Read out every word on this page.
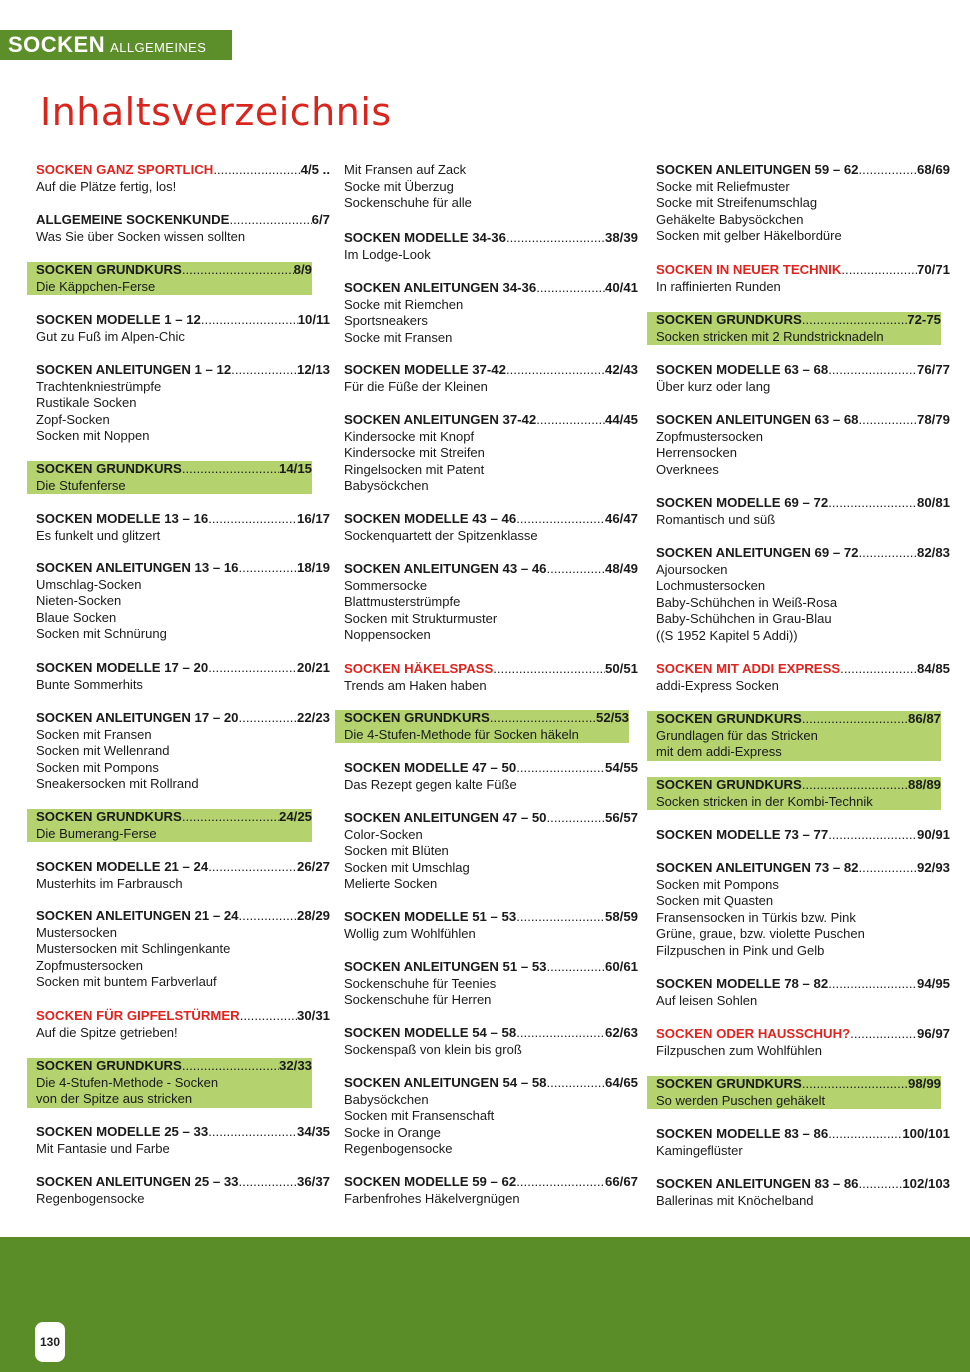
SOCKEN ALLGEMEINES
Inhaltsverzeichnis
SOCKEN GANZ SPORTLICH .....	4/5 ..
Auf die Plätze fertig, los!
ALLGEMEINE SOCKENKUNDE .....	6/7
Was Sie über Socken wissen sollten
SOCKEN GRUNDKURS .....	8/9
Die Käppchen-Ferse
SOCKEN MODELLE 1 – 12 .....	10/11
Gut zu Fuß im Alpen-Chic
SOCKEN ANLEITUNGEN 1 – 12 .....	12/13
Trachtenkniestrümpfe
Rustikale Socken
Zopf-Socken
Socken mit Noppen
SOCKEN GRUNDKURS .....	14/15
Die Stufenferse
SOCKEN MODELLE 13 – 16 .....	16/17
Es funkelt und glitzert
SOCKEN ANLEITUNGEN 13 – 16 .....	18/19
Umschlag-Socken
Nieten-Socken
Blaue Socken
Socken mit Schnürung
SOCKEN MODELLE 17 – 20 .....	20/21
Bunte Sommerhits
SOCKEN ANLEITUNGEN 17 – 20 .....	22/23
Socken mit Fransen
Socken mit Wellenrand
Socken mit Pompons
Sneakersocken mit Rollrand
SOCKEN GRUNDKURS .....	24/25
Die Bumerang-Ferse
SOCKEN MODELLE 21 – 24 .....	26/27
Musterhits im Farbrausch
SOCKEN ANLEITUNGEN 21 – 24 .....	28/29
Mustersocken
Mustersocken mit Schlingenkante
Zopfmustersocken
Socken mit buntem Farbverlauf
SOCKEN FÜR GIPFELSTÜRMER .....	30/31
Auf die Spitze getrieben!
SOCKEN GRUNDKURS .....	32/33
Die 4-Stufen-Methode - Socken
von der Spitze aus stricken
SOCKEN MODELLE 25 – 33 .....	34/35
Mit Fantasie und Farbe
SOCKEN ANLEITUNGEN 25 – 33 .....	36/37
Regenbogensocke
Mit Fransen auf Zack
Socke mit Überzug
Sockenschuhe für alle
SOCKEN MODELLE 34-36 .....	38/39
Im Lodge-Look
SOCKEN ANLEITUNGEN 34-36 .....	40/41
Socke mit Riemchen
Sportsneakers
Socke mit Fransen
SOCKEN MODELLE 37-42 .....	42/43
Für die Füße der Kleinen
SOCKEN ANLEITUNGEN 37-42 .....	44/45
Kindersocke mit Knopf
Kindersocke mit Streifen
Ringelsocken mit Patent
Babysöckchen
SOCKEN MODELLE 43 – 46 .....	46/47
Sockenquartett der Spitzenklasse
SOCKEN ANLEITUNGEN 43 – 46 .....	48/49
Sommersocke
Blattmusterstrümpfe
Socken mit Strukturmuster
Noppensocken
SOCKEN HÄKELSPASS .....	50/51
Trends am Haken haben
SOCKEN GRUNDKURS .....	52/53
Die 4-Stufen-Methode für Socken häkeln
SOCKEN MODELLE 47 – 50 .....	54/55
Das Rezept gegen kalte Füße
SOCKEN ANLEITUNGEN 47 – 50 .....	56/57
Color-Socken
Socken mit Blüten
Socken mit Umschlag
Melierte Socken
SOCKEN MODELLE 51 – 53 .....	58/59
Wollig zum Wohlfühlen
SOCKEN ANLEITUNGEN 51 – 53 .....	60/61
Sockenschuhe für Teenies
Sockenschuhe für Herren
SOCKEN MODELLE 54 – 58 .....	62/63
Sockenspaß von klein bis groß
SOCKEN ANLEITUNGEN 54 – 58 .....	64/65
Babysöckchen
Socken mit Fransenschaft
Socke in Orange
Regenbogensocke
SOCKEN MODELLE 59 – 62 .....	66/67
Farbenfrohes Häkelvergnügen
SOCKEN ANLEITUNGEN 59 – 62 .....	68/69
Socke mit Reliefmuster
Socke mit Streifenumschlag
Gehäkelte Babysöckchen
Socken mit gelber Häkelbordüre
SOCKEN IN NEUER TECHNIK .....	70/71
In raffinierten Runden
SOCKEN GRUNDKURS .....	72-75
Socken stricken mit 2 Rundstricknadeln
SOCKEN MODELLE 63 – 68 .....	76/77
Über kurz oder lang
SOCKEN ANLEITUNGEN 63 – 68 .....	78/79
Zopfmustersocken
Herrensocken
Overknees
SOCKEN MODELLE 69 – 72 .....	80/81
Romantisch und süß
SOCKEN ANLEITUNGEN 69 – 72 .....	82/83
Ajoursocken
Lochmustersocken
Baby-Schühchen in Weiß-Rosa
Baby-Schühchen in Grau-Blau
((S 1952 Kapitel 5 Addi))
SOCKEN MIT ADDI EXPRESS .....	84/85
addi-Express Socken
SOCKEN GRUNDKURS .....	86/87
Grundlagen für das Stricken
mit dem addi-Express
SOCKEN GRUNDKURS .....	88/89
Socken stricken in der Kombi-Technik
SOCKEN MODELLE 73 – 77 .....	90/91
SOCKEN ANLEITUNGEN 73 – 82 .....	92/93
Socken mit Pompons
Socken mit Quasten
Fransensocken in Türkis bzw. Pink
Grüne, graue, bzw. violette Puschen
Filzpuschen in Pink und Gelb
SOCKEN MODELLE 78 – 82 .....	94/95
Auf leisen Sohlen
SOCKEN ODER HAUSSCHUH? .....	96/97
Filzpuschen zum Wohlfühlen
SOCKEN GRUNDKURS .....	98/99
So werden Puschen gehäkelt
SOCKEN MODELLE 83 – 86 .....	100/101
Kamingeflüster
SOCKEN ANLEITUNGEN 83 – 86 .....	102/103
Ballerinas mit Knöchelband
130
